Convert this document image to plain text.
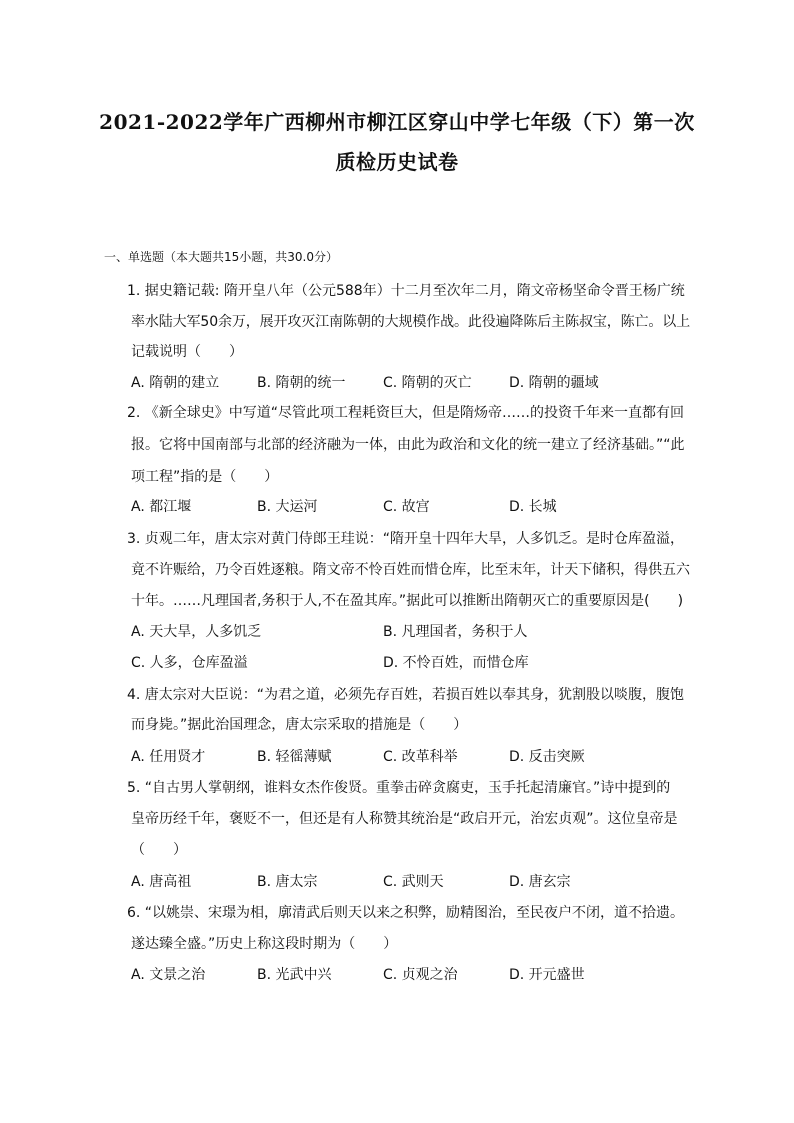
2021-2022学年广西柳州市柳江区穿山中学七年级（下）第一次
质检历史试卷
一、单选题（本大题共15小题，共30.0分）
1. 据史籍记载: 隋开皇八年（公元588年）十二月至次年二月，隋文帝杨坚命令晋王杨广统
率水陆大军50余万，展开攻灭江南陈朝的大规模作战。此役遍降陈后主陈叔宝，陈亡。以上
记载说明（　　）
A. 隋朝的建立	B. 隋朝的统一	C. 隋朝的灭亡	D. 隋朝的疆域
2. 《新全球史》中写道“尽管此项工程耗资巨大，但是隋炀帝……的投资千年来一直都有回
报。它将中国南部与北部的经济融为一体，由此为政治和文化的统一建立了经济基础。”“此
项工程”指的是（　　）
A. 都江堰	B. 大运河	C. 故宫	D. 长城
3. 贞观二年，唐太宗对黄门侍郎王珪说：“隋开皇十四年大旱，人多饥乏。是时仓库盈溢，
竟不许赈给，乃令百姓逐粮。隋文帝不怜百姓而惜仓库，比至末年，计天下储积，得供五六
十年。……凡理国者,务积于人,不在盈其库。”据此可以推断出隋朝灭亡的重要原因是(　　)
A. 天大旱，人多饥乏	B. 凡理国者，务积于人
C. 人多，仓库盈溢	D. 不怜百姓，而惜仓库
4. 唐太宗对大臣说：“为君之道，必须先存百姓，若损百姓以奉其身，犹割股以啖腹，腹饱
而身毙。”据此治国理念，唐太宗采取的措施是（　　）
A. 任用贤才	B. 轻徭薄赋	C. 改革科举	D. 反击突厥
5. “自古男人掌朝纲，谁料女杰作俊贤。重拳击碎贪腐吏，玉手托起清廉官。”诗中提到的
皇帝历经千年，褒贬不一，但还是有人称赞其统治是“政启开元，治宏贞观”。这位皇帝是
（　　）
A. 唐高祖	B. 唐太宗	C. 武则天	D. 唐玄宗
6. “以姚崇、宋璟为相，廓清武后则天以来之积弊，励精图治，至民夜户不闭，道不拾遗。
遂达臻全盛。”历史上称这段时期为（　　）
A. 文景之治	B. 光武中兴	C. 贞观之治	D. 开元盛世
